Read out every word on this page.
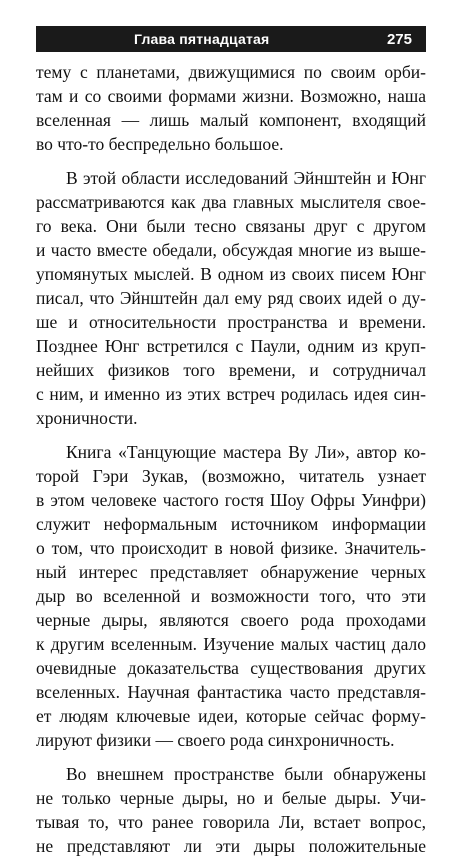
Глава пятнадцатая	275
тему с планетами, движущимися по своим орби-
там и со своими формами жизни. Возможно, наша
вселенная — лишь малый компонент, входящий
во что-то беспредельно большое.
В этой области исследований Эйнштейн и Юнг
рассматриваются как два главных мыслителя свое-
го века. Они были тесно связаны друг с другом
и часто вместе обедали, обсуждая многие из выше-
упомянутых мыслей. В одном из своих писем Юнг
писал, что Эйнштейн дал ему ряд своих идей о ду-
ше и относительности пространства и времени.
Позднее Юнг встретился с Паули, одним из круп-
нейших физиков того времени, и сотрудничал
с ним, и именно из этих встреч родилась идея син-
хроничности.
Книга «Танцующие мастера Ву Ли», автор ко-
торой Гэри Зукав, (возможно, читатель узнает
в этом человеке частого гостя Шоу Офры Уинфри)
служит неформальным источником информации
о том, что происходит в новой физике. Значитель-
ный интерес представляет обнаружение черных
дыр во вселенной и возможности того, что эти
черные дыры, являются своего рода проходами
к другим вселенным. Изучение малых частиц дало
очевидные доказательства существования других
вселенных. Научная фантастика часто представля-
ет людям ключевые идеи, которые сейчас форму-
лируют физики — своего рода синхроничность.
Во внешнем пространстве были обнаружены
не только черные дыры, но и белые дыры. Учи-
тывая то, что ранее говорила Ли, встает вопрос,
не представляют ли эти дыры положительные
